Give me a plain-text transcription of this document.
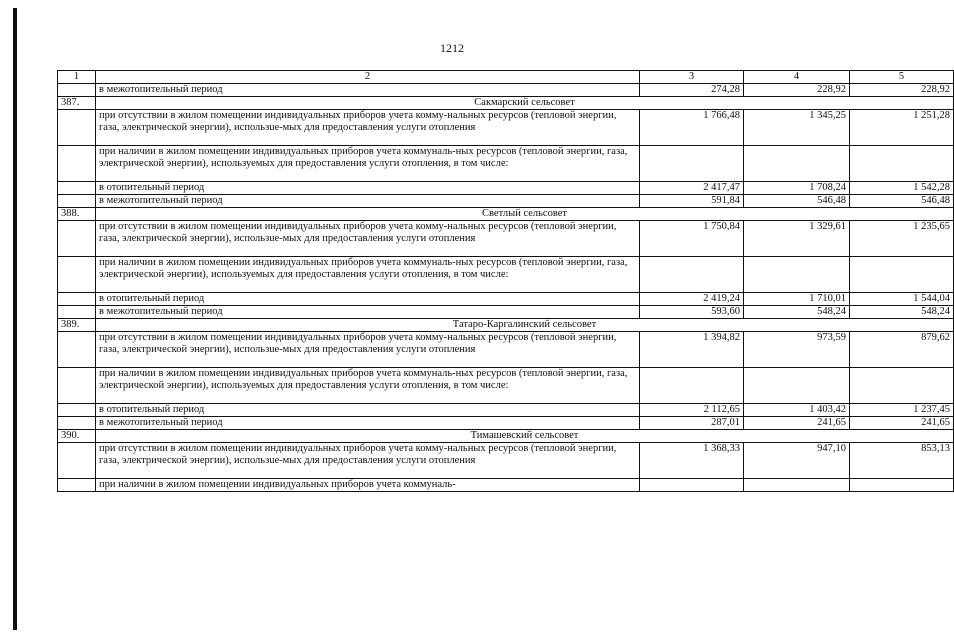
1212
1	2	3	4	5
	в межотопительный период	274,28	228,92	228,92
387.	Сакмарский сельсовет			
	при отсутствии в жилом помещении индивидуальных приборов учета комму-нальных ресурсов (тепловой энергии, газа, электрической энергии), использue-мых для предоставления услуги отопления	1 766,48	1 345,25	1 251,28
	при наличии в жилом помещении индивидуальных приборов учета коммуналь-ных ресурсов (тепловой энергии, газа, электрической энергии), используемых для предоставления услуги отопления, в том числе:			
	в отопительный период	2 417,47	1 708,24	1 542,28
	в межотопительный период	591,84	546,48	546,48
388.	Светлый сельсовет			
	при отсутствии в жилом помещении индивидуальных приборов учета комму-нальных ресурсов (тепловой энергии, газа, электрической энергии), использue-мых для предоставления услуги отопления	1 750,84	1 329,61	1 235,65
	при наличии в жилом помещении индивидуальных приборов учета коммуналь-ных ресурсов (тепловой энергии, газа, электрической энергии), используемых для предоставления услуги отопления, в том числе:			
	в отопительный период	2 419,24	1 710,01	1 544,04
	в межотопительный период	593,60	548,24	548,24
389.	Татаро-Каргалинский сельсовет			
	при отсутствии в жилом помещении индивидуальных приборов учета комму-нальных ресурсов (тепловой энергии, газа, электрической энергии), использue-мых для предоставления услуги отопления	1 394,82	973,59	879,62
	при наличии в жилом помещении индивидуальных приборов учета коммуналь-ных ресурсов (тепловой энергии, газа, электрической энергии), используемых для предоставления услуги отопления, в том числе:			
	в отопительный период	2 112,65	1 403,42	1 237,45
	в межотопительный период	287,01	241,65	241,65
390.	Тимашевский сельсовет			
	при отсутствии в жилом помещении индивидуальных приборов учета комму-нальных ресурсов (тепловой энергии, газа, электрической энергии), использue-мых для предоставления услуги отопления	1 368,33	947,10	853,13
	при наличии в жилом помещении индивидуальных приборов учета коммуналь-			
